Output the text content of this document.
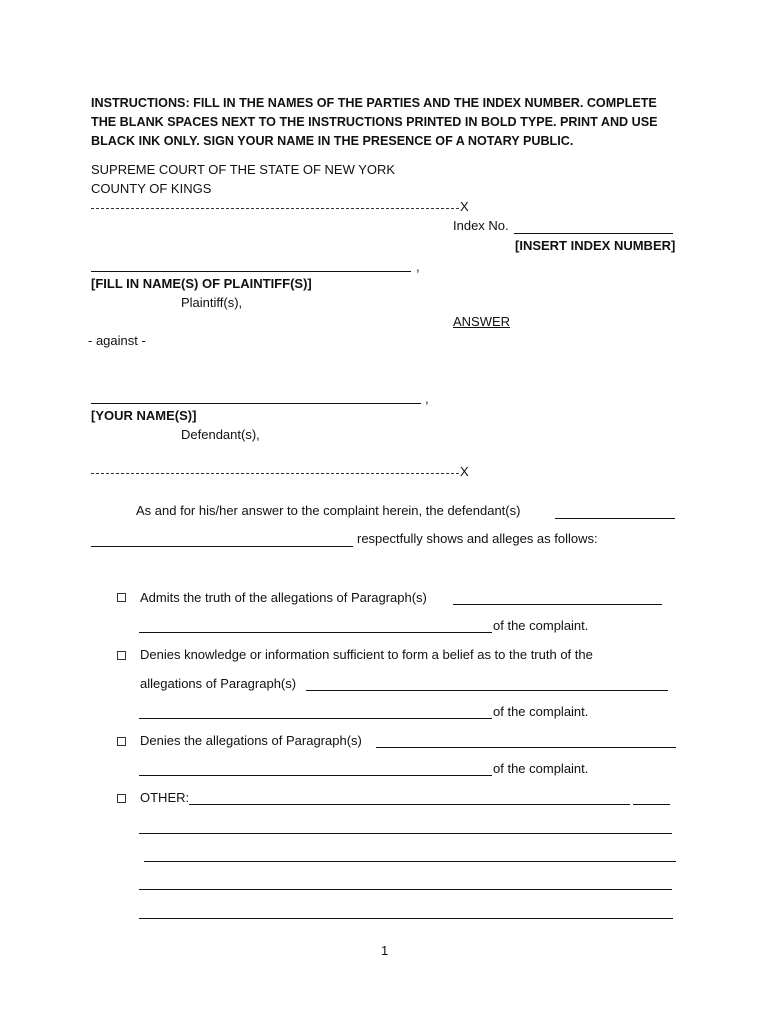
INSTRUCTIONS: FILL IN THE NAMES OF THE PARTIES AND THE INDEX NUMBER. COMPLETE
THE BLANK SPACES NEXT TO THE INSTRUCTIONS PRINTED IN BOLD TYPE. PRINT AND USE
BLACK INK ONLY. SIGN YOUR NAME IN THE PRESENCE OF A NOTARY PUBLIC.
SUPREME COURT OF THE STATE OF NEW YORK
COUNTY OF KINGS
X
Index No.
[INSERT INDEX NUMBER]
,
[FILL IN NAME(S) OF PLAINTIFF(S)]
Plaintiff(s),
ANSWER
- against -
,
[YOUR NAME(S)]
Defendant(s),
X
As and for his/her answer to the complaint herein, the defendant(s)
respectfully shows and alleges as follows:
Admits the truth of the allegations of Paragraph(s)
of the complaint.
Denies knowledge or information sufficient to form a belief as to the truth of the
allegations of Paragraph(s)
of the complaint.
Denies the allegations of Paragraph(s)
of the complaint.
OTHER:
1
